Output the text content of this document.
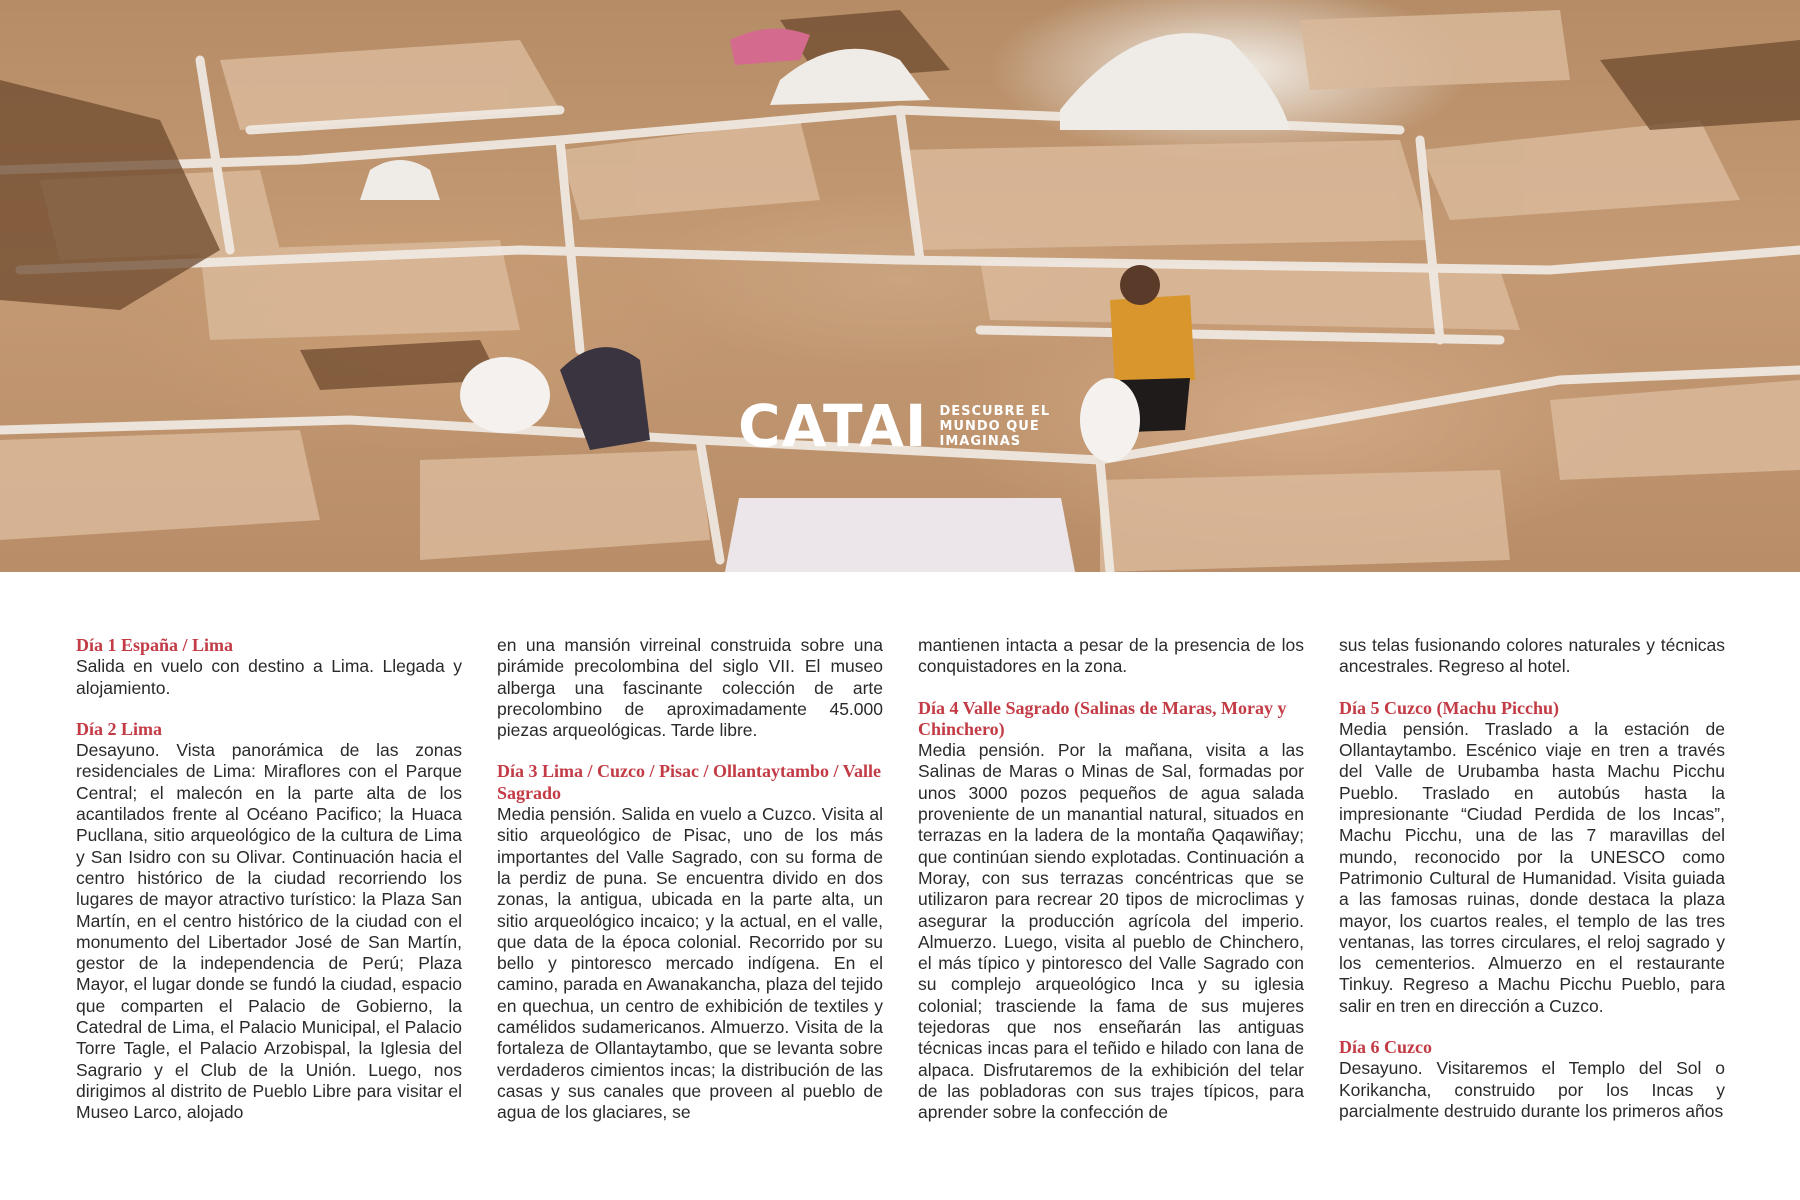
CATAI DESCUBRE EL
MUNDO QUE
IMAGINAS

Día 1 España / Lima
Salida en vuelo con destino a Lima. Llegada y alojamiento.

Día 2 Lima
Desayuno. Vista panorámica de las zonas residenciales de Lima: Miraflores con el Parque Central; el malecón en la parte alta de los acantilados frente al Océano Pacifico; la Huaca Pucllana, sitio arqueológico de la cultura de Lima y San Isidro con su Olivar. Continuación hacia el centro histórico de la ciudad recorriendo los lugares de mayor atractivo turístico: la Plaza San Martín, en el centro histórico de la ciudad con el monumento del Libertador José de San Martín, gestor de la independencia de Perú; Plaza Mayor, el lugar donde se fundó la ciudad, espacio que comparten el Palacio de Gobierno, la Catedral de Lima, el Palacio Municipal, el Palacio Torre Tagle, el Palacio Arzobispal, la Iglesia del Sagrario y el Club de la Unión. Luego, nos dirigimos al distrito de Pueblo Libre para visitar el Museo Larco, alojado

en una mansión virreinal construida sobre una pirámide precolombina del siglo VII. El museo alberga una fascinante colección de arte precolombino de aproximadamente 45.000 piezas arqueológicas. Tarde libre.

Día 3 Lima / Cuzco / Pisac / Ollantaytambo / Valle Sagrado
Media pensión. Salida en vuelo a Cuzco. Visita al sitio arqueológico de Pisac, uno de los más importantes del Valle Sagrado, con su forma de la perdiz de puna. Se encuentra divido en dos zonas, la antigua, ubicada en la parte alta, un sitio arqueológico incaico; y la actual, en el valle, que data de la época colonial. Recorrido por su bello y pintoresco mercado indígena. En el camino, parada en Awanakancha, plaza del tejido en quechua, un centro de exhibición de textiles y camélidos sudamericanos. Almuerzo. Visita de la fortaleza de Ollantaytambo, que se levanta sobre verdaderos cimientos incas; la distribución de las casas y sus canales que proveen al pueblo de agua de los glaciares, se

mantienen intacta a pesar de la presencia de los conquistadores en la zona.

Día 4 Valle Sagrado (Salinas de Maras, Moray y Chinchero)
Media pensión. Por la mañana, visita a las Salinas de Maras o Minas de Sal, formadas por unos 3000 pozos pequeños de agua salada proveniente de un manantial natural, situados en terrazas en la ladera de la montaña Qaqawiñay; que continúan siendo explotadas. Continuación a Moray, con sus terrazas concéntricas que se utilizaron para recrear 20 tipos de microclimas y asegurar la producción agrícola del imperio. Almuerzo. Luego, visita al pueblo de Chinchero, el más típico y pintoresco del Valle Sagrado con su complejo arqueológico Inca y su iglesia colonial; trasciende la fama de sus mujeres tejedoras que nos enseñarán las antiguas técnicas incas para el teñido e hilado con lana de alpaca. Disfrutaremos de la exhibición del telar de las pobladoras con sus trajes típicos, para aprender sobre la confección de

sus telas fusionando colores naturales y técnicas ancestrales. Regreso al hotel.

Día 5 Cuzco (Machu Picchu)
Media pensión. Traslado a la estación de Ollantaytambo. Escénico viaje en tren a través del Valle de Urubamba hasta Machu Picchu Pueblo. Traslado en autobús hasta la impresionante “Ciudad Perdida de los Incas”, Machu Picchu, una de las 7 maravillas del mundo, reconocido por la UNESCO como Patrimonio Cultural de Humanidad. Visita guiada a las famosas ruinas, donde destaca la plaza mayor, los cuartos reales, el templo de las tres ventanas, las torres circulares, el reloj sagrado y los cementerios. Almuerzo en el restaurante Tinkuy. Regreso a Machu Picchu Pueblo, para salir en tren en dirección a Cuzco.

Día 6 Cuzco
Desayuno. Visitaremos el Templo del Sol o Korikancha, construido por los Incas y parcialmente destruido durante los primeros años
